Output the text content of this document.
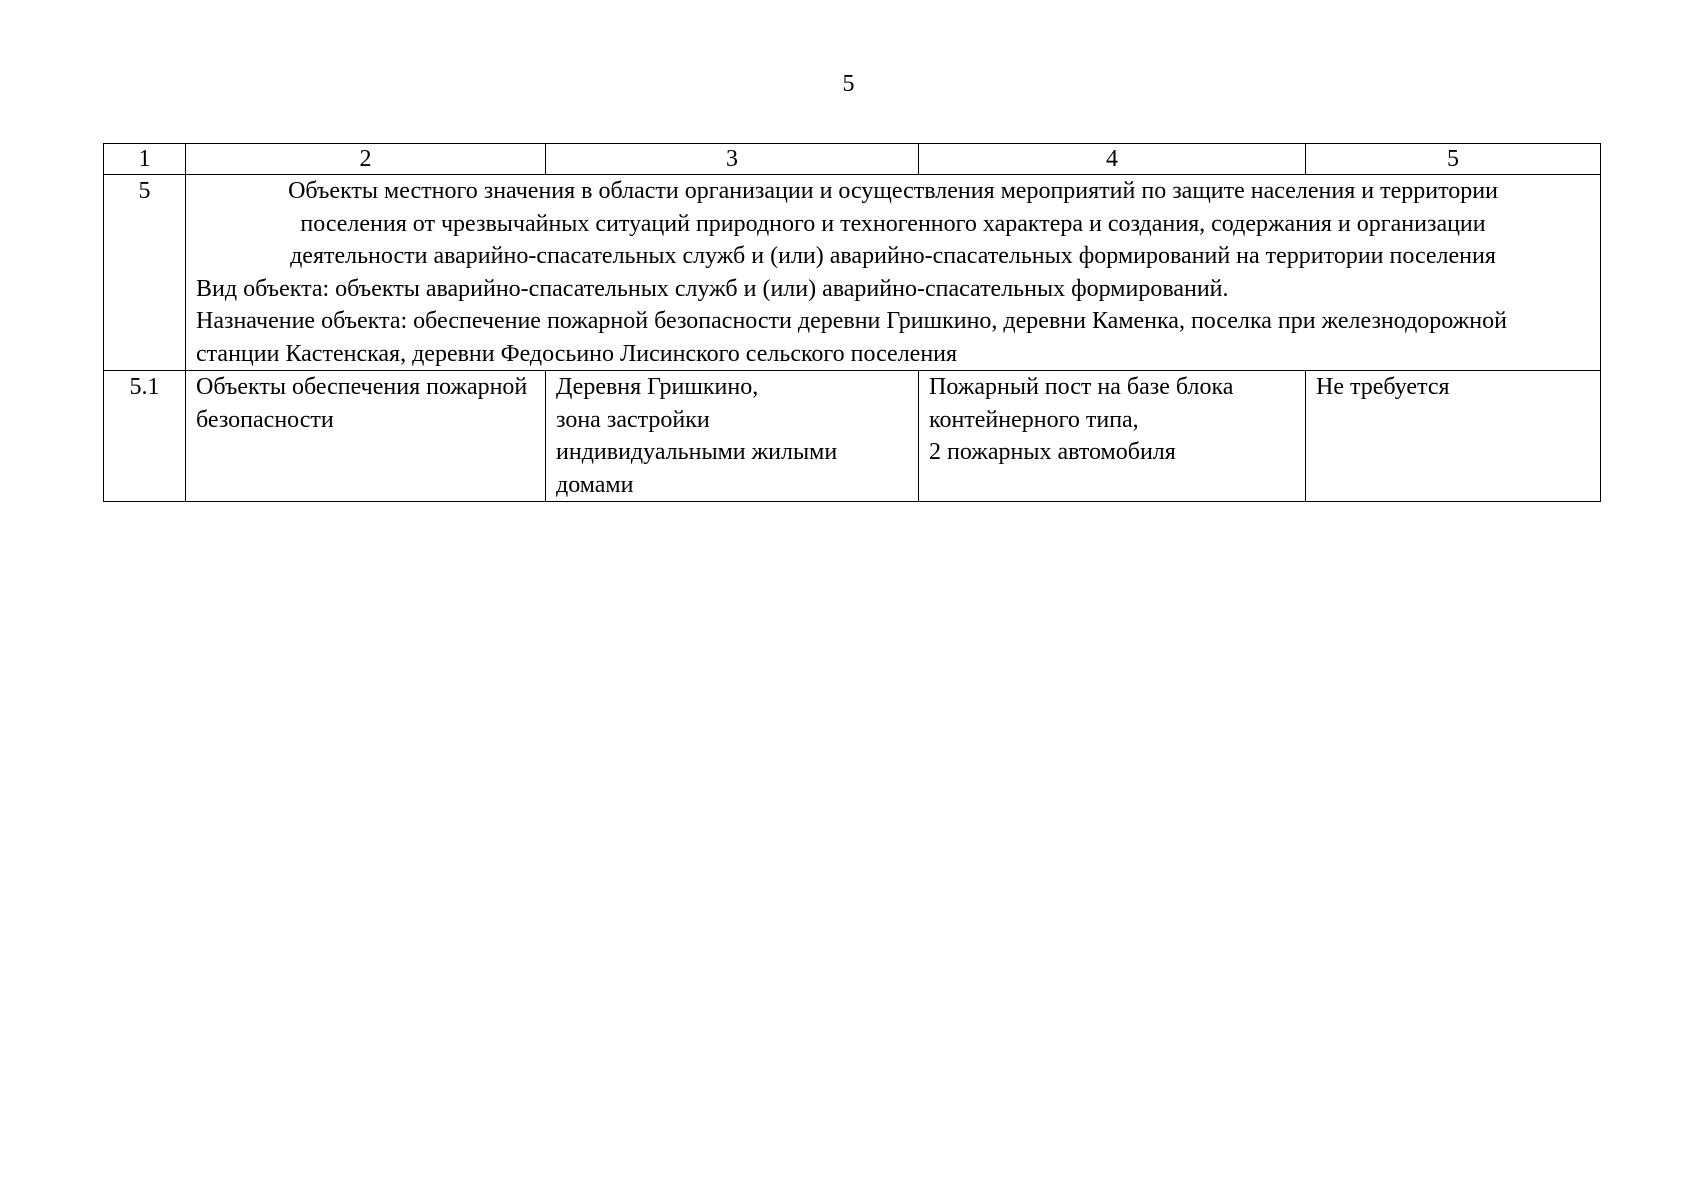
5
1	2	3	4	5
5	Объекты местного значения в области организации и осуществления мероприятий по защите населения и территории поселения от чрезвычайных ситуаций природного и техногенного характера и создания, содержания и организации деятельности аварийно-спасательных служб и (или) аварийно-спасательных формирований на территории поселения
Вид объекта: объекты аварийно-спасательных служб и (или) аварийно-спасательных формирований.
Назначение объекта: обеспечение пожарной безопасности деревни Гришкино, деревни Каменка, поселка при железнодорожной станции Кастенская, деревни Федосьино Лисинского сельского поселения			

5.1	Объекты обеспечения пожарной безопасности	Деревня Гришкино,
зона застройки
индивидуальными жилыми
домами	Пожарный пост на базе блока
контейнерного типа,
2 пожарных автомобиля	Не требуется
